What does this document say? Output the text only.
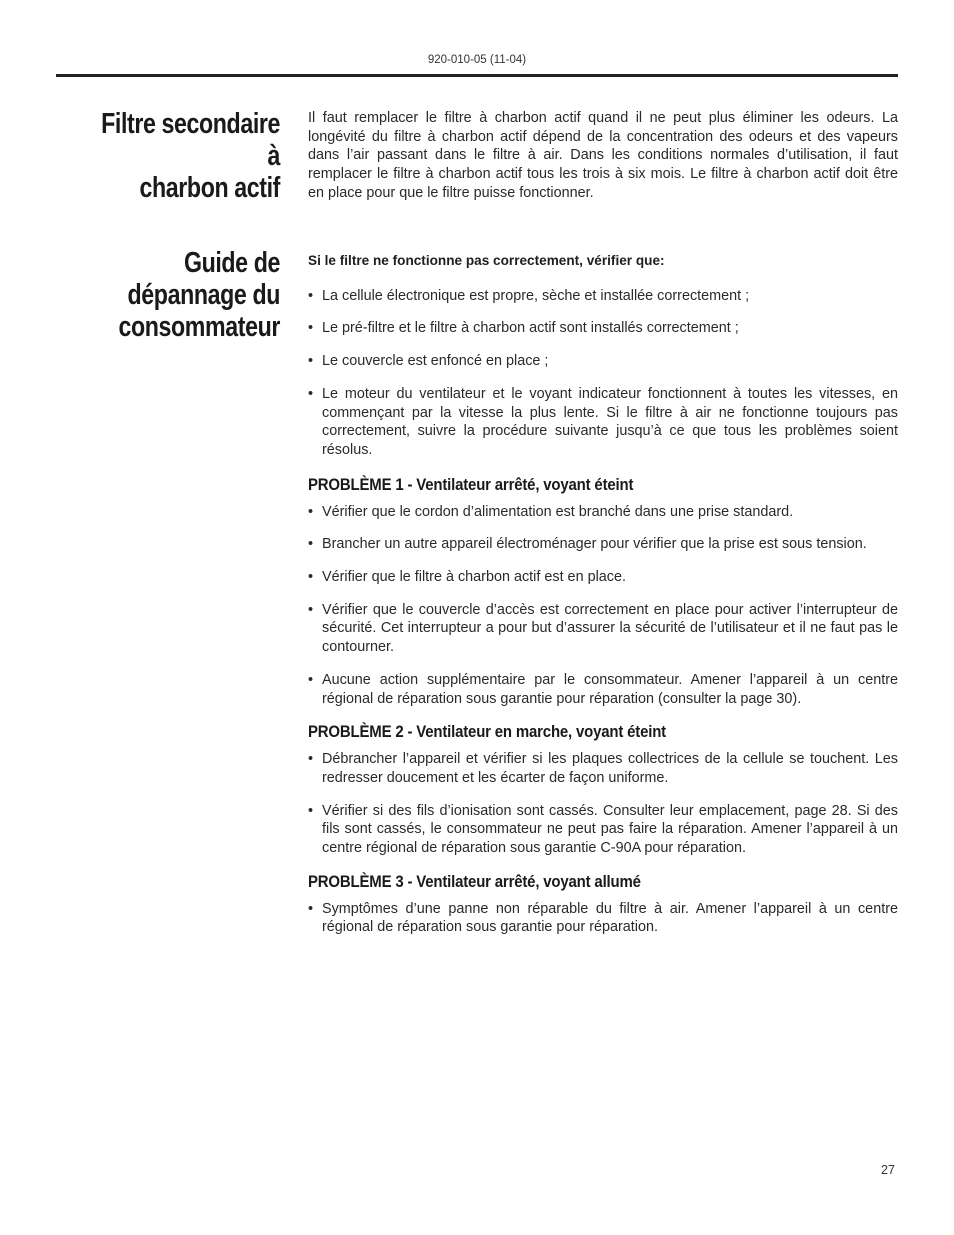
920-010-05 (11-04)
Filtre secondaire à
charbon actif

Il faut remplacer le filtre à charbon actif quand il ne peut plus éliminer les odeurs. La longévité du filtre à charbon actif dépend de la concentration des odeurs et des vapeurs dans l’air passant dans le filtre à air. Dans les conditions normales d’utilisation, il faut remplacer le filtre à charbon actif tous les trois à six mois. Le filtre à charbon actif doit être en place pour que le filtre puisse fonctionner.

Guide de
dépannage du
consommateur

Si le filtre ne fonctionne pas correctement, vérifier que:

• La cellule électronique est propre, sèche et installée correctement ;
• Le pré-filtre et le filtre à charbon actif sont installés correctement ;
• Le couvercle est enfoncé en place ;
• Le moteur du ventilateur et le voyant indicateur fonctionnent à toutes les vitesses, en commençant par la vitesse la plus lente. Si le filtre à air ne fonctionne toujours pas correctement, suivre la procédure suivante jusqu’à ce que tous les problèmes soient résolus.
PROBLÈME 1 - Ventilateur arrêté, voyant éteint
• Vérifier que le cordon d’alimentation est branché dans une prise standard.
• Brancher un autre appareil électroménager pour vérifier que la prise est sous tension.
• Vérifier que le filtre à charbon actif est en place.
• Vérifier que le couvercle d’accès est correctement en place pour activer l’interrupteur de sécurité. Cet interrupteur a pour but d’assurer la sécurité de l’utilisateur et il ne faut pas le contourner.
• Aucune action supplémentaire par le consommateur. Amener l’appareil à un centre régional de réparation sous garantie pour réparation (consulter la page 30).
PROBLÈME 2 - Ventilateur en marche, voyant éteint
• Débrancher l’appareil et vérifier si les plaques collectrices de la cellule se touchent. Les redresser doucement et les écarter de façon uniforme.
• Vérifier si des fils d’ionisation sont cassés. Consulter leur emplacement, page 28. Si des fils sont cassés, le consommateur ne peut pas faire la réparation. Amener l’appareil à un centre régional de réparation sous garantie C-90A pour réparation.
PROBLÈME 3 - Ventilateur arrêté, voyant allumé
• Symptômes d’une panne non réparable du filtre à air. Amener l’appareil à un centre régional de réparation sous garantie pour réparation.
27
